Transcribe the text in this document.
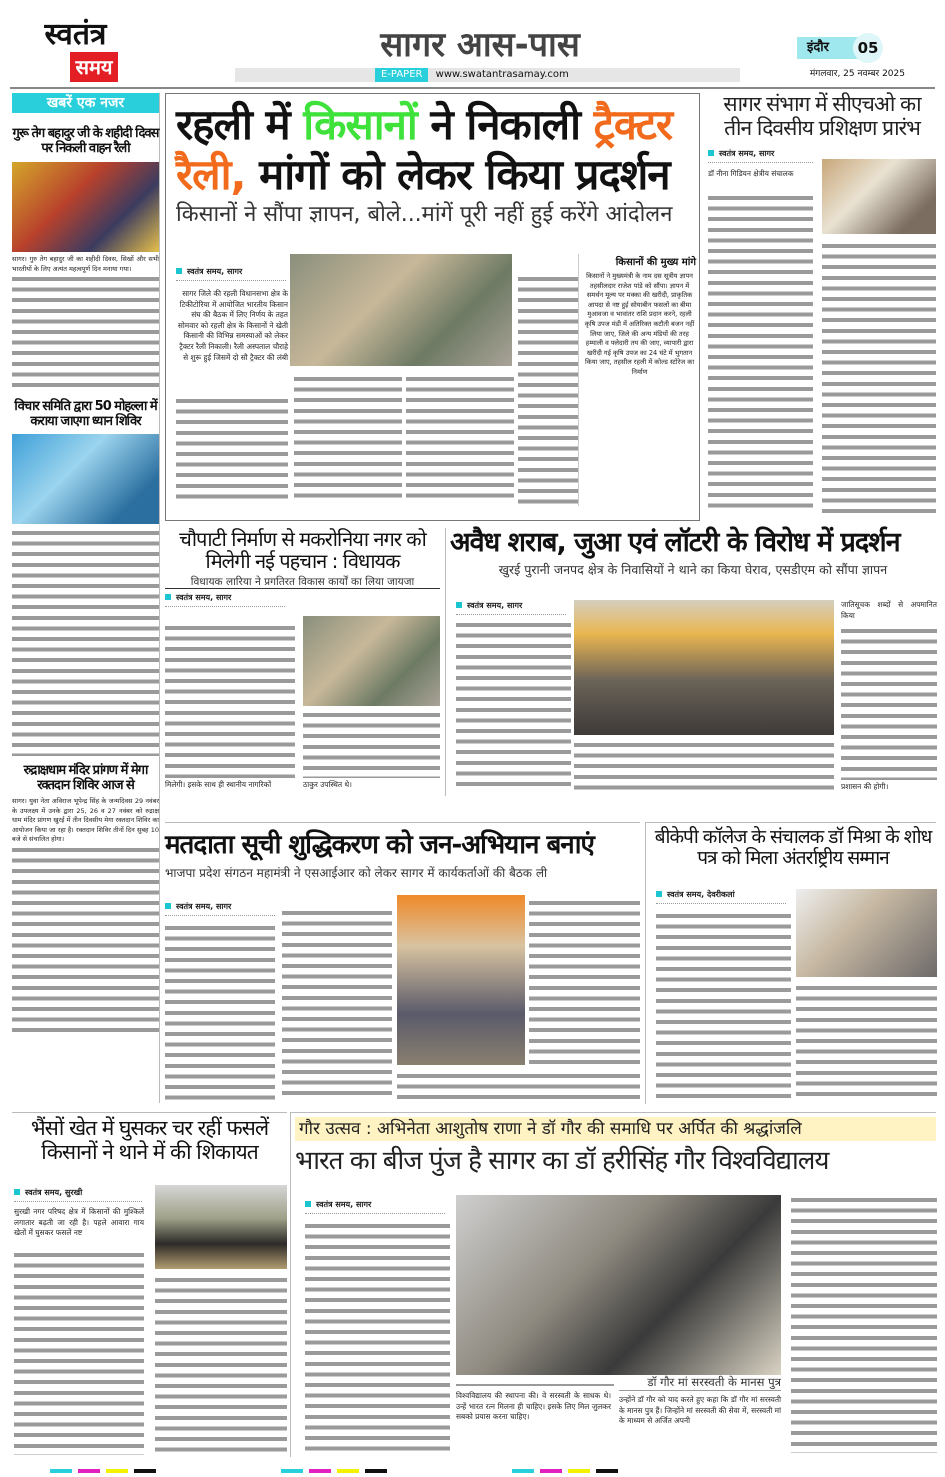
स्वतंत्र
समय
सागर आस-पास
E-PAPER www.swatantrasamay.com
इंदौर	05
मंगलवार, 25 नवम्बर 2025
खबरें एक नजर
गुरू तेग बहादुर जी के शहीदी दिवस पर निकली वाहन रैली
सागर। गुरु तेग बहादुर जी का शहीदी दिवस, सिखों और सभी भारतीयों के लिए अत्यंत महत्वपूर्ण दिन मनाया गया।
विचार समिति द्वारा 50 मोहल्ला में कराया जाएगा ध्यान शिविर
रुद्राक्षधाम मंदिर प्रांगण में मेगा रक्तदान शिविर आज से
सागर। युवा नेता अविराज भूपेन्द्र सिंह के जन्मदिवस 29 नवंबर के उपलक्ष्य में उनके द्वारा 25, 26 व 27 नवंबर को रुद्राक्ष धाम मंदिर प्रांगण खुरई में तीन दिवसीय मेगा रक्तदान शिविर का आयोजन किया जा रहा है। रक्तदान शिविर तीनों दिन सुबह 10 बजे से संचालित होगा।
रहली में किसानों ने निकाली ट्रैक्टर रैली, मांगों को लेकर किया प्रदर्शन
किसानों ने सौंपा ज्ञापन, बोले...मांगें पूरी नहीं हुई करेंगे आंदोलन
स्वतंत्र समय, सागर
सागर जिले की रहली विधानसभा क्षेत्र के टिकीटोरिया में आयोजित भारतीय किसान संघ की बैठक में लिए निर्णय के तहत सोमवार को रहली क्षेत्र के किसानों ने खेती किसानी की विभिन्न समस्याओं को लेकर ट्रैक्टर रैली निकाली। रैली अस्पताल चौराहे से शुरू हुई जिसमें दो सौ ट्रैक्टर की लंबी
किसानों की मुख्य मांगे
किसानों ने मुख्यमंत्री के नाम दस सूत्रीय ज्ञापन तहसीलदार राजेश पांडे को सौंपा। ज्ञापन में समर्थन मूल्य पर मक्का की खरीदी, प्राकृतिक आपदा से नष्ट हुई सोयाबीन फसलों का बीमा मुआवजा व भावांतर राशि प्रदान करने, रहली कृषि उपज मंडी में अतिरिक्त कटौती बजन नहीं लिया जाए, जिले की अन्य मंडियों की तरह हम्माली व फ्लेदारी तय की जाए, व्यापारी द्वारा खरीदी गई कृषि उपज का 24 घंटे में भुगतान किया जाए, तहसील रहली में कोल्ड स्टोरेज का निर्माण
सागर संभाग में सीएचओ का तीन दिवसीय प्रशिक्षण प्रारंभ
स्वतंत्र समय, सागर
डॉ नीना गिडियन क्षेत्रीय संचालक
चौपाटी निर्माण से मकरोनिया नगर को मिलेगी नई पहचान : विधायक
विधायक लारिया ने प्रगतिरत विकास कार्यों का लिया जायजा
स्वतंत्र समय, सागर
मिलेगी। इसके साथ ही स्थानीय नागरिकों	ठाकुर उपस्थित थे।
अवैध शराब, जुआ एवं लॉटरी के विरोध में प्रदर्शन
खुरई पुरानी जनपद क्षेत्र के निवासियों ने थाने का किया घेराव, एसडीएम को सौंपा ज्ञापन
स्वतंत्र समय, सागर	जातिसूचक शब्दों से अपमानित किया
प्रशासन की होगी।
मतदाता सूची शुद्धिकरण को जन-अभियान बनाएं
भाजपा प्रदेश संगठन महामंत्री ने एसआईआर को लेकर सागर में कार्यकर्ताओं की बैठक ली
स्वतंत्र समय, सागर
बीकेपी कॉलेज के संचालक डॉ मिश्रा के शोध पत्र को मिला अंतर्राष्ट्रीय सम्मान
स्वतंत्र समय, देवरीकलां
भैंसों खेत में घुसकर चर रहीं फसलें किसानों ने थाने में की शिकायत
स्वतंत्र समय, सुरखी
सुरखी नगर परिषद क्षेत्र में किसानों की मुश्किलें लगातार बढ़ती जा रही है। पहले आवारा गाय खेतों में घुसकर फसलें नष्ट
गौर उत्सव : अभिनेता आशुतोष राणा ने डॉ गौर की समाधि पर अर्पित की श्रद्धांजलि
भारत का बीज पुंज है सागर का डॉ हरीसिंह गौर विश्वविद्यालय
स्वतंत्र समय, सागर
विश्वविद्यालय की स्थापना की। वे सरस्वती के साधक थे। उन्हें भारत रत्न मिलना ही चाहिए। इसके लिए मिल जुलकर सबको प्रयास करना चाहिए।
डॉ गौर मां सरस्वती के मानस पुत्र
उन्होंने डॉ गौर को याद करते हुए कहा कि डॉ गौर मां सरस्वती के मानस पुत्र हैं। जिन्होंने मां सरस्वती की सेवा में, सरस्वती मां के माध्यम से अर्जित अपनी
